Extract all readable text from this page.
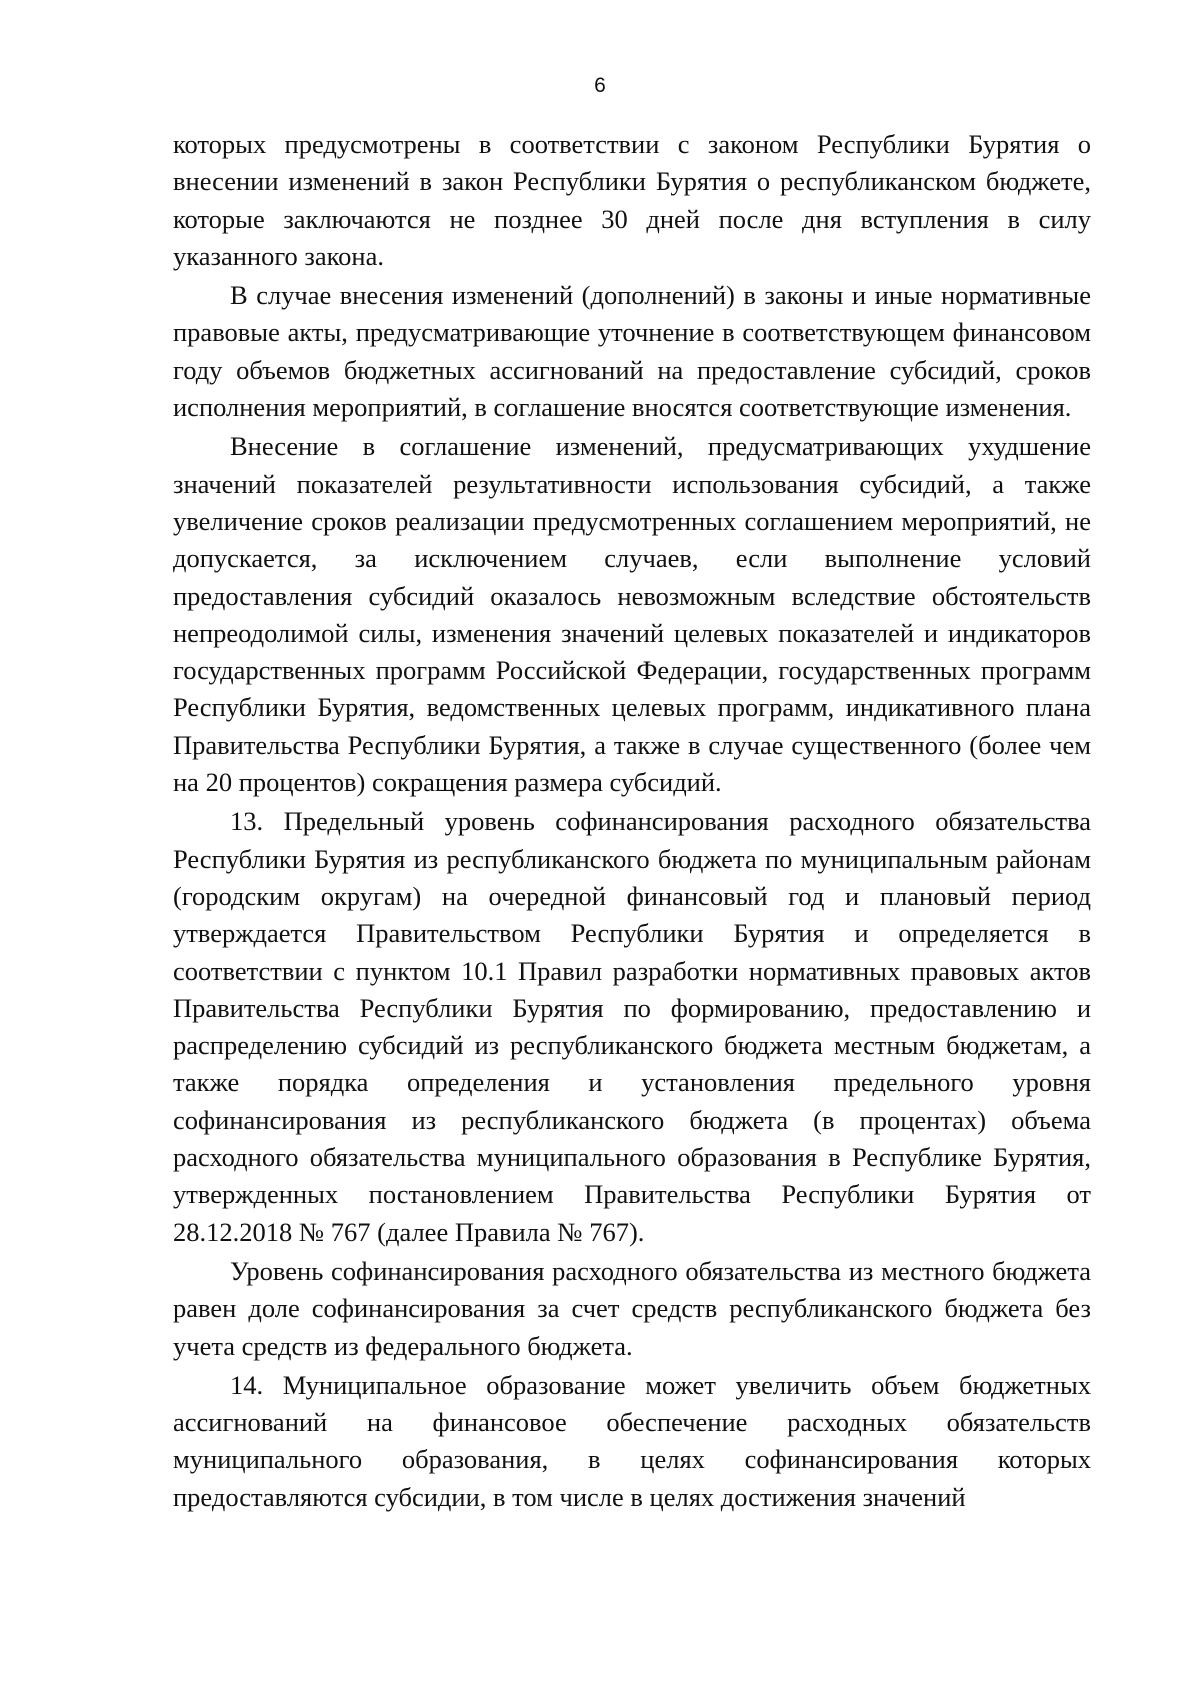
6

которых предусмотрены в соответствии с законом Республики Бурятия о внесении изменений в закон Республики Бурятия о республиканском бюджете, которые заключаются не позднее 30 дней после дня вступления в силу указанного закона.

В случае внесения изменений (дополнений) в законы и иные нормативные правовые акты, предусматривающие уточнение в соответствующем финансовом году объемов бюджетных ассигнований на предоставление субсидий, сроков исполнения мероприятий, в соглашение вносятся соответствующие изменения.

Внесение в соглашение изменений, предусматривающих ухудшение значений показателей результативности использования субсидий, а также увеличение сроков реализации предусмотренных соглашением мероприятий, не допускается, за исключением случаев, если выполнение условий предоставления субсидий оказалось невозможным вследствие обстоятельств непреодолимой силы, изменения значений целевых показателей и индикаторов государственных программ Российской Федерации, государственных программ Республики Бурятия, ведомственных целевых программ, индикативного плана Правительства Республики Бурятия, а также в случае существенного (более чем на 20 процентов) сокращения размера субсидий.

13. Предельный уровень софинансирования расходного обязательства Республики Бурятия из республиканского бюджета по муниципальным районам (городским округам) на очередной финансовый год и плановый период утверждается Правительством Республики Бурятия и определяется в соответствии с пунктом 10.1 Правил разработки нормативных правовых актов Правительства Республики Бурятия по формированию, предоставлению и распределению субсидий из республиканского бюджета местным бюджетам, а также порядка определения и установления предельного уровня софинансирования из республиканского бюджета (в процентах) объема расходного обязательства муниципального образования в Республике Бурятия, утвержденных постановлением Правительства Республики Бурятия от 28.12.2018 № 767 (далее Правила № 767).

Уровень софинансирования расходного обязательства из местного бюджета равен доле софинансирования за счет средств республиканского бюджета без учета средств из федерального бюджета.

14. Муниципальное образование может увеличить объем бюджетных ассигнований на финансовое обеспечение расходных обязательств муниципального образования, в целях софинансирования которых предоставляются субсидии, в том числе в целях достижения значений
